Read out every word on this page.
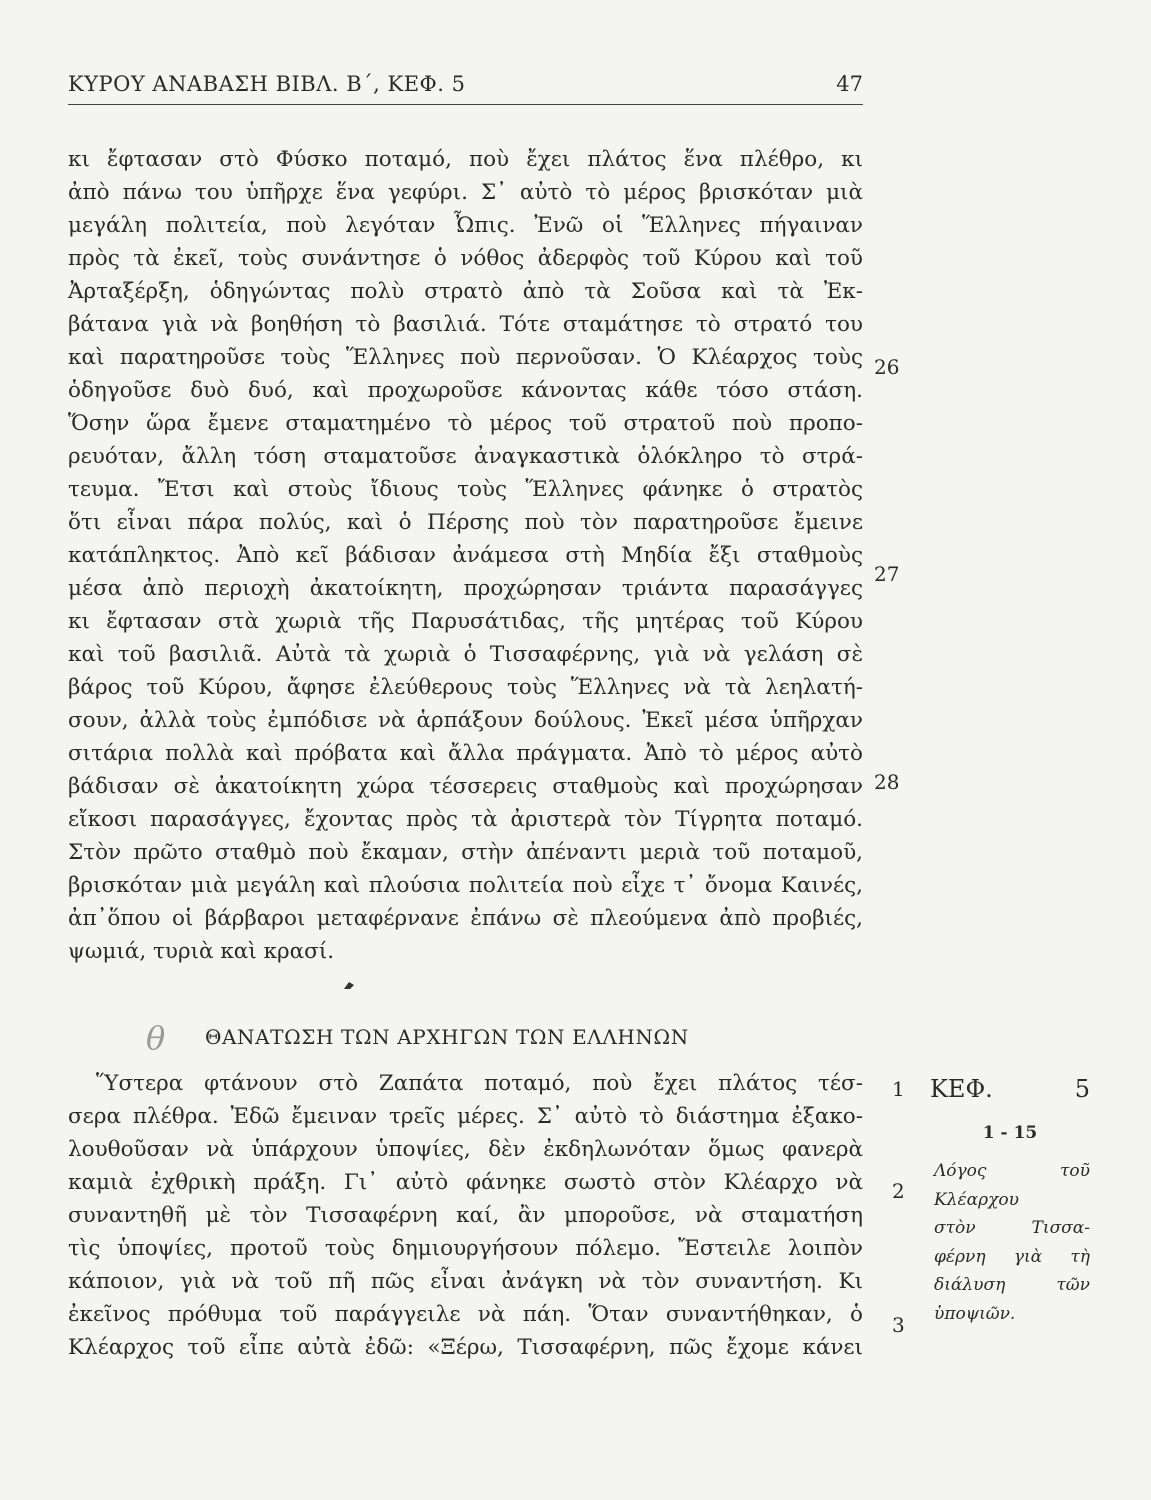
ΚΥΡΟΥ ΑΝΑΒΑΣΗ ΒΙΒΛ. Β΄, ΚΕΦ. 5	47
κι ἔφτασαν στὸ Φύσκο ποταμό, ποὺ ἔχει πλάτος ἕνα πλέθρο, κι
ἀπὸ πάνω του ὑπῆρχε ἕνα γεφύρι. Σ᾿ αὐτὸ τὸ μέρος βρισκόταν μιὰ
μεγάλη πολιτεία, ποὺ λεγόταν Ὦπις. Ἐνῶ οἱ Ἕλληνες πήγαιναν
πρὸς τὰ ἐκεῖ, τοὺς συνάντησε ὁ νόθος ἀδερφὸς τοῦ Κύρου καὶ τοῦ
Ἀρταξέρξη, ὁδηγώντας πολὺ στρατὸ ἀπὸ τὰ Σοῦσα καὶ τὰ Ἐκ-
βάτανα γιὰ νὰ βοηθήση τὸ βασιλιά. Τότε σταμάτησε τὸ στρατό του
καὶ παρατηροῦσε τοὺς Ἕλληνες ποὺ περνοῦσαν. Ὁ Κλέαρχος τοὺς
ὁδηγοῦσε δυὸ δυό, καὶ προχωροῦσε κάνοντας κάθε τόσο στάση.
Ὅσην ὥρα ἔμενε σταματημένο τὸ μέρος τοῦ στρατοῦ ποὺ προπο-
ρευόταν, ἄλλη τόση σταματοῦσε ἀναγκαστικὰ ὁλόκληρο τὸ στρά-
τευμα. Ἔτσι καὶ στοὺς ἴδιους τοὺς Ἕλληνες φάνηκε ὁ στρατὸς
ὅτι εἶναι πάρα πολύς, καὶ ὁ Πέρσης ποὺ τὸν παρατηροῦσε ἔμεινε
κατάπληκτος. Ἀπὸ κεῖ βάδισαν ἀνάμεσα στὴ Μηδία ἔξι σταθμοὺς
μέσα ἀπὸ περιοχὴ ἀκατοίκητη, προχώρησαν τριάντα παρασάγγες
κι ἔφτασαν στὰ χωριὰ τῆς Παρυσάτιδας, τῆς μητέρας τοῦ Κύρου
καὶ τοῦ βασιλιᾶ. Αὐτὰ τὰ χωριὰ ὁ Τισσαφέρνης, γιὰ νὰ γελάση σὲ
βάρος τοῦ Κύρου, ἄφησε ἐλεύθερους τοὺς Ἕλληνες νὰ τὰ λεηλατή-
σουν, ἀλλὰ τοὺς ἐμπόδισε νὰ ἁρπάξουν δούλους. Ἐκεῖ μέσα ὑπῆρχαν
σιτάρια πολλὰ καὶ πρόβατα καὶ ἄλλα πράγματα. Ἀπὸ τὸ μέρος αὐτὸ
βάδισαν σὲ ἀκατοίκητη χώρα τέσσερεις σταθμοὺς καὶ προχώρησαν
εἴκοσι παρασάγγες, ἔχοντας πρὸς τὰ ἀριστερὰ τὸν Τίγρητα ποταμό.
Στὸν πρῶτο σταθμὸ ποὺ ἔκαμαν, στὴν ἀπέναντι μεριὰ τοῦ ποταμοῦ,
βρισκόταν μιὰ μεγάλη καὶ πλούσια πολιτεία ποὺ εἶχε τ᾿ ὄνομα Καινές,
ἀπ᾿ὅπου οἱ βάρβαροι μεταφέρνανε ἐπάνω σὲ πλεούμενα ἀπὸ προβιές,
ψωμιά, τυριὰ καὶ κρασί.
26
27
28
θ	ΘΑΝΑΤΩΣΗ ΤΩΝ ΑΡΧΗΓΩΝ ΤΩΝ ΕΛΛΗΝΩΝ
Ὕστερα φτάνουν στὸ Ζαπάτα ποταμό, ποὺ ἔχει πλάτος τέσ-
σερα πλέθρα. Ἐδῶ ἔμειναν τρεῖς μέρες. Σ᾿ αὐτὸ τὸ διάστημα ἐξακο-
λουθοῦσαν νὰ ὑπάρχουν ὑποψίες, δὲν ἐκδηλωνόταν ὅμως φανερὰ
καμιὰ ἐχθρικὴ πράξη. Γι᾿ αὐτὸ φάνηκε σωστὸ στὸν Κλέαρχο νὰ
συναντηθῆ μὲ τὸν Τισσαφέρνη καί, ἂν μποροῦσε, νὰ σταματήση
τὶς ὑποψίες, προτοῦ τοὺς δημιουργήσουν πόλεμο. Ἔστειλε λοιπὸν
κάποιον, γιὰ νὰ τοῦ πῆ πῶς εἶναι ἀνάγκη νὰ τὸν συναντήση. Κι
ἐκεῖνος πρόθυμα τοῦ παράγγειλε νὰ πάη. Ὅταν συναντήθηκαν, ὁ
Κλέαρχος τοῦ εἶπε αὐτὰ ἐδῶ: «Ξέρω, Τισσαφέρνη, πῶς ἔχομε κάνει
1
2
3
ΚΕΦ.	5
1 - 15
Λόγος τοῦ
Κλέαρχου
στὸν Τισσα-
φέρνη γιὰ τὴ
διάλυση τῶν
ὑποψιῶν.
